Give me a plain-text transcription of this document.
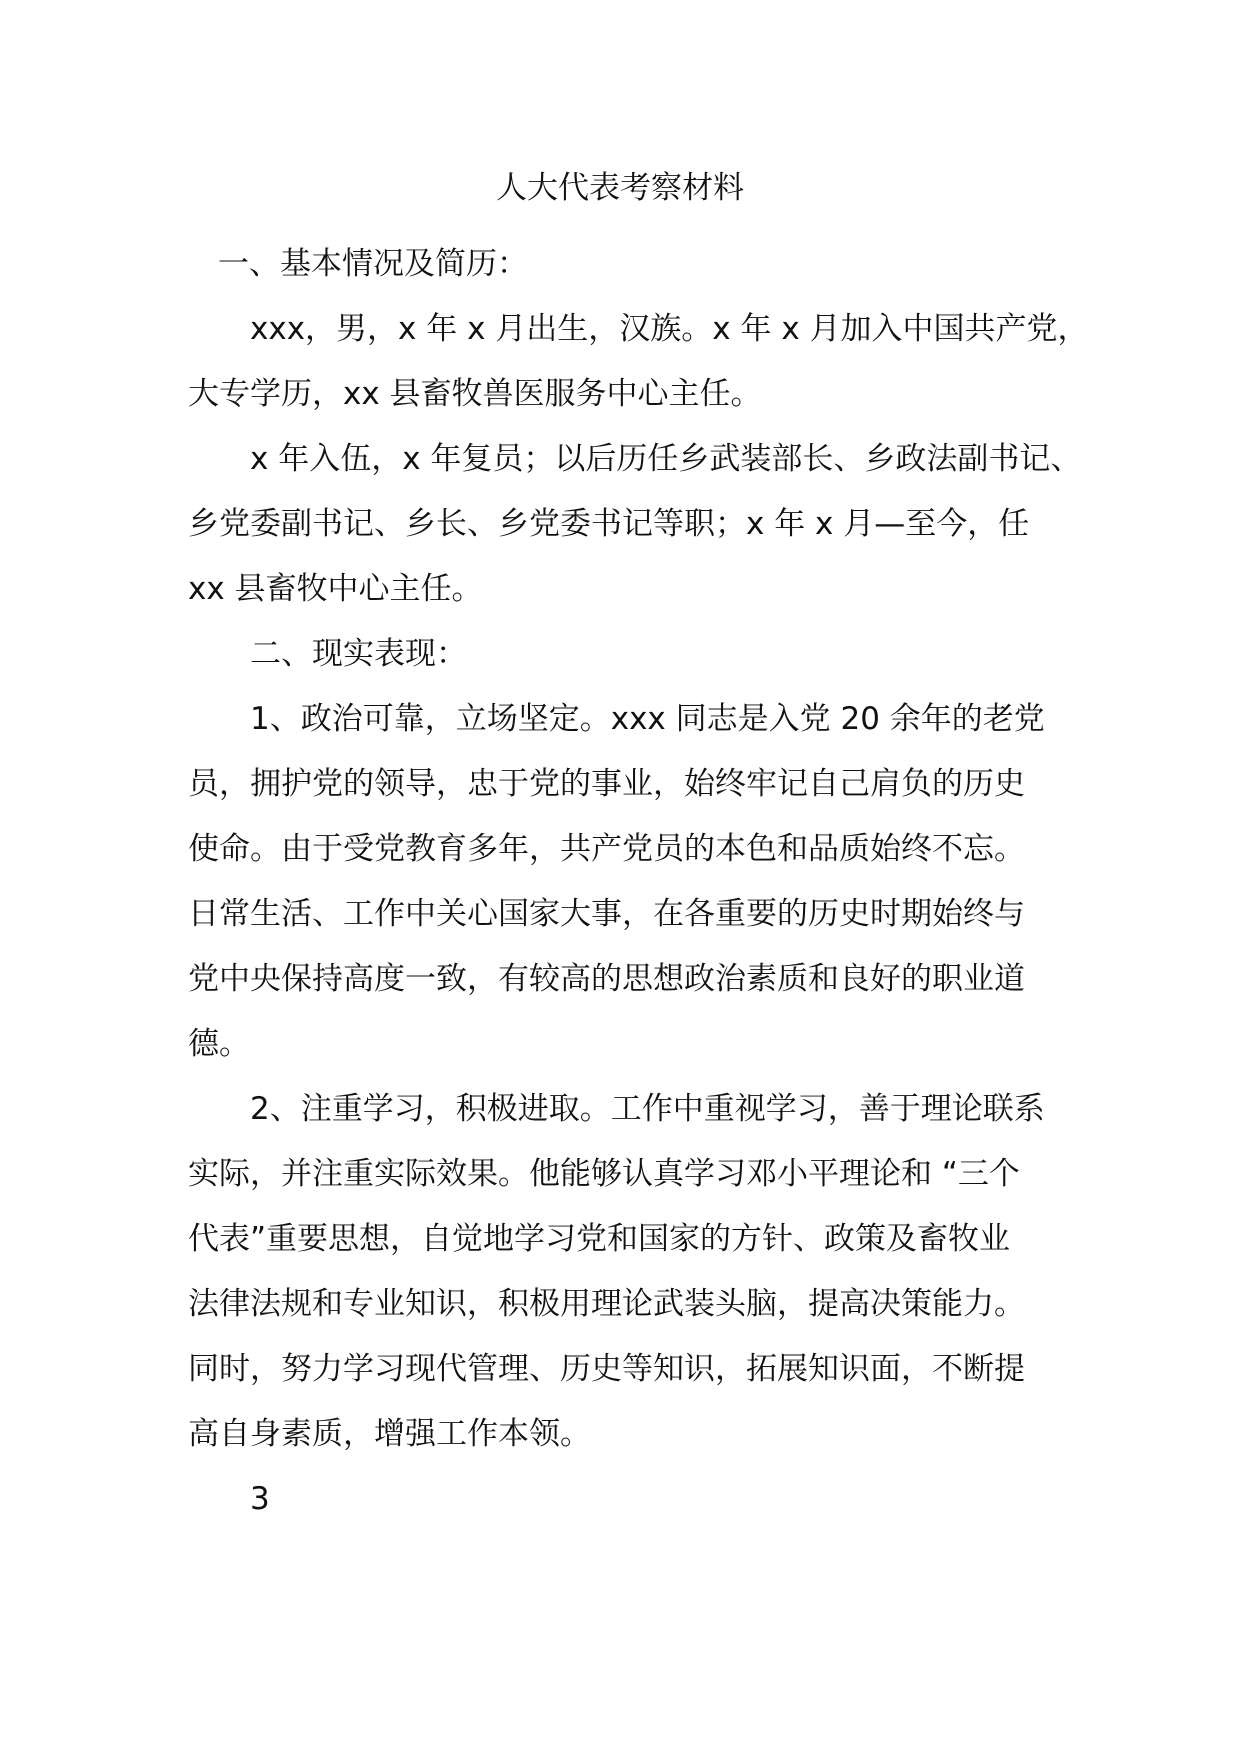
人大代表考察材料
一、基本情况及简历：
xxx，男，x 年 x 月出生，汉族。x 年 x 月加入中国共产党，
大专学历，xx 县畜牧兽医服务中心主任。
x 年入伍，x 年复员；以后历任乡武装部长、乡政法副书记、
乡党委副书记、乡长、乡党委书记等职；x 年 x 月—至今，任
xx 县畜牧中心主任。
二、现实表现：
1、政治可靠，立场坚定。xxx 同志是入党 20 余年的老党
员，拥护党的领导，忠于党的事业，始终牢记自己肩负的历史
使命。由于受党教育多年，共产党员的本色和品质始终不忘。
日常生活、工作中关心国家大事，在各重要的历史时期始终与
党中央保持高度一致，有较高的思想政治素质和良好的职业道
德。
2、注重学习，积极进取。工作中重视学习，善于理论联系
实际，并注重实际效果。他能够认真学习邓小平理论和 “三个
代表”重要思想，自觉地学习党和国家的方针、政策及畜牧业
法律法规和专业知识，积极用理论武装头脑，提高决策能力。
同时，努力学习现代管理、历史等知识，拓展知识面，不断提
高自身素质，增强工作本领。
3
